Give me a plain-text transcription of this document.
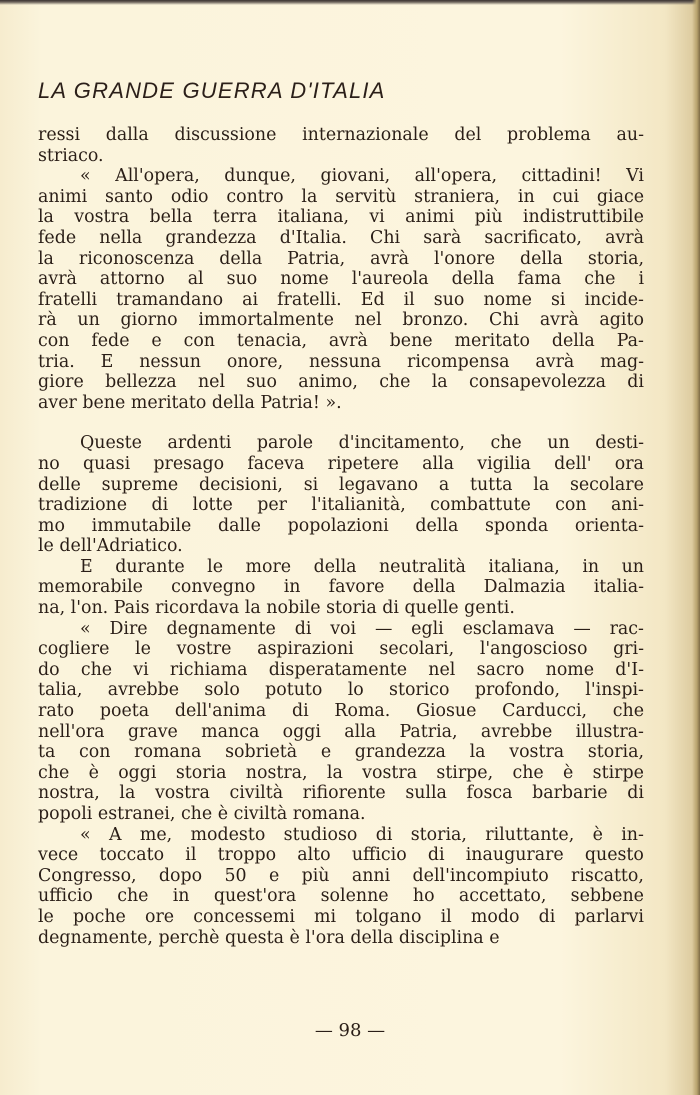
LA GRANDE GUERRA D'ITALIA
ressi dalla discussione internazionale del problema au-
striaco.
« All'opera, dunque, giovani, all'opera, cittadini! Vi
animi santo odio contro la servitù straniera, in cui giace
la vostra bella terra italiana, vi animi più indistruttibile
fede nella grandezza d'Italia. Chi sarà sacrificato, avrà
la riconoscenza della Patria, avrà l'onore della storia,
avrà attorno al suo nome l'aureola della fama che i
fratelli tramandano ai fratelli. Ed il suo nome si incide-
rà un giorno immortalmente nel bronzo. Chi avrà agito
con fede e con tenacia, avrà bene meritato della Pa-
tria. E nessun onore, nessuna ricompensa avrà mag-
giore bellezza nel suo animo, che la consapevolezza di
aver bene meritato della Patria! ».
Queste ardenti parole d'incitamento, che un desti-
no quasi presago faceva ripetere alla vigilia dell' ora
delle supreme decisioni, si legavano a tutta la secolare
tradizione di lotte per l'italianità, combattute con ani-
mo immutabile dalle popolazioni della sponda orienta-
le dell'Adriatico.
E durante le more della neutralità italiana, in un
memorabile convegno in favore della Dalmazia italia-
na, l'on. Pais ricordava la nobile storia di quelle genti.
« Dire degnamente di voi — egli esclamava — rac-
cogliere le vostre aspirazioni secolari, l'angoscioso gri-
do che vi richiama disperatamente nel sacro nome d'I-
talia, avrebbe solo potuto lo storico profondo, l'inspi-
rato poeta dell'anima di Roma. Giosue Carducci, che
nell'ora grave manca oggi alla Patria, avrebbe illustra-
ta con romana sobrietà e grandezza la vostra storia,
che è oggi storia nostra, la vostra stirpe, che è stirpe
nostra, la vostra civiltà rifiorente sulla fosca barbarie di
popoli estranei, che è civiltà romana.
« A me, modesto studioso di storia, riluttante, è in-
vece toccato il troppo alto ufficio di inaugurare questo
Congresso, dopo 50 e più anni dell'incompiuto riscatto,
ufficio che in quest'ora solenne ho accettato, sebbene
le poche ore concessemi mi tolgano il modo di parlarvi
degnamente, perchè questa è l'ora della disciplina e
— 98 —
